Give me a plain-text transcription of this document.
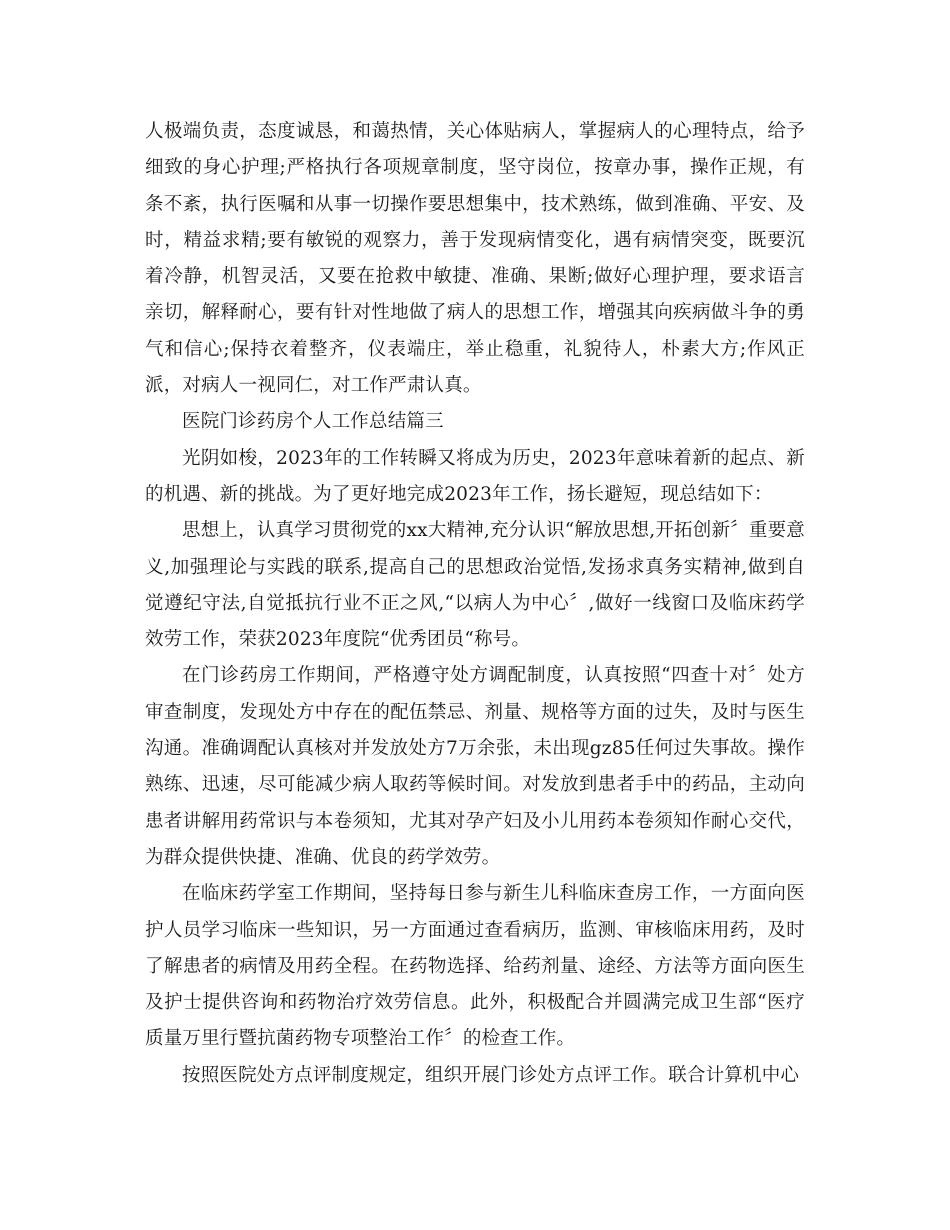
人极端负责，态度诚恳，和蔼热情，关心体贴病人，掌握病人的心理特点，给予细致的身心护理;严格执行各项规章制度，坚守岗位，按章办事，操作正规，有条不紊，执行医嘱和从事一切操作要思想集中，技术熟练，做到准确、平安、及时，精益求精;要有敏锐的观察力，善于发现病情变化，遇有病情突变，既要沉着冷静，机智灵活，又要在抢救中敏捷、准确、果断;做好心理护理，要求语言亲切，解释耐心，要有针对性地做了病人的思想工作，增强其向疾病做斗争的勇气和信心;保持衣着整齐，仪表端庄，举止稳重，礼貌待人，朴素大方;作风正派，对病人一视同仁，对工作严肃认真。

医院门诊药房个人工作总结篇三

光阴如梭，2023年的工作转瞬又将成为历史，2023年意味着新的起点、新的机遇、新的挑战。为了更好地完成2023年工作，扬长避短，现总结如下：

思想上，认真学习贯彻党的xx大精神,充分认识“解放思想,开拓创新〞重要意义,加强理论与实践的联系,提高自己的思想政治觉悟,发扬求真务实精神,做到自觉遵纪守法,自觉抵抗行业不正之风,“以病人为中心〞,做好一线窗口及临床药学效劳工作，荣获2023年度院“优秀团员“称号。

在门诊药房工作期间，严格遵守处方调配制度，认真按照“四查十对〞处方审查制度，发现处方中存在的配伍禁忌、剂量、规格等方面的过失，及时与医生沟通。准确调配认真核对并发放处方7万余张，未出现gz85任何过失事故。操作熟练、迅速，尽可能减少病人取药等候时间。对发放到患者手中的药品，主动向患者讲解用药常识与本卷须知，尤其对孕产妇及小儿用药本卷须知作耐心交代，为群众提供快捷、准确、优良的药学效劳。

在临床药学室工作期间，坚持每日参与新生儿科临床查房工作，一方面向医护人员学习临床一些知识，另一方面通过查看病历，监测、审核临床用药，及时了解患者的病情及用药全程。在药物选择、给药剂量、途经、方法等方面向医生及护士提供咨询和药物治疗效劳信息。此外，积极配合并圆满完成卫生部“医疗质量万里行暨抗菌药物专项整治工作〞的检查工作。

按照医院处方点评制度规定，组织开展门诊处方点评工作。联合计算机中心
